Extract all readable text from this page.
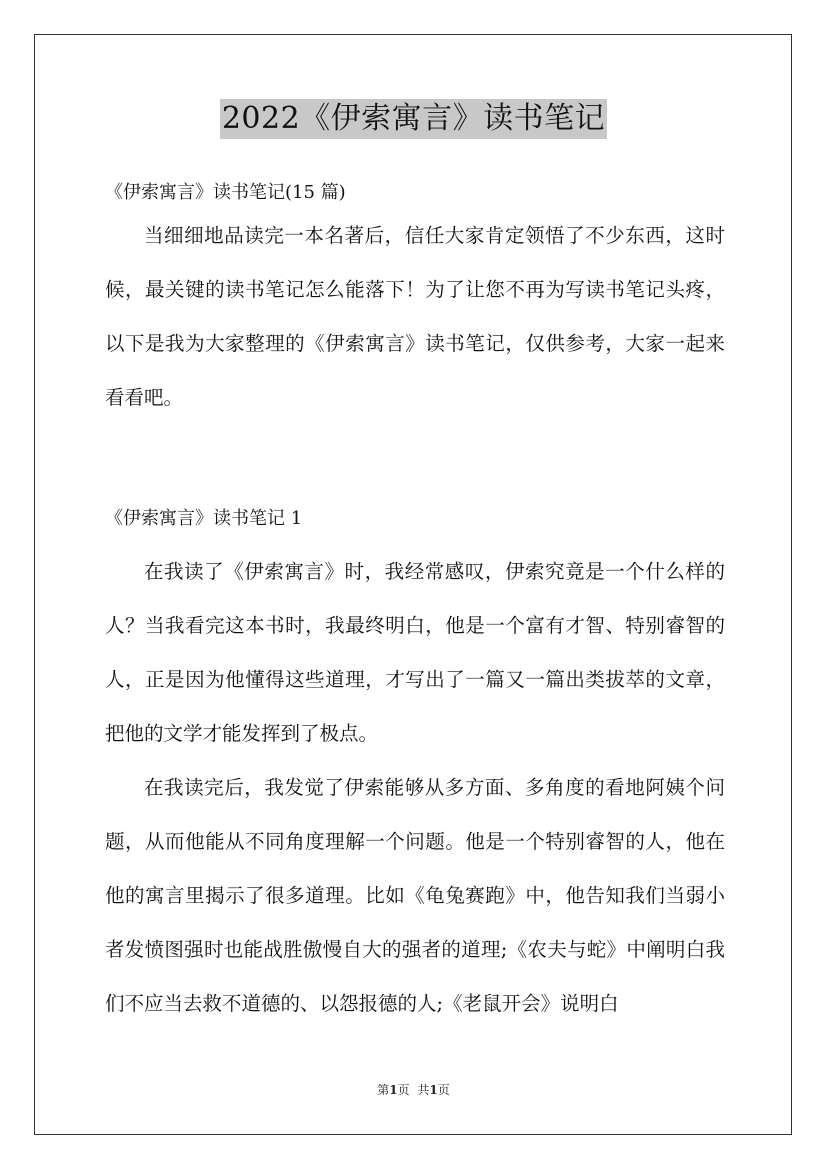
2022《伊索寓言》读书笔记
《伊索寓言》读书笔记(15 篇)

当细细地品读完一本名著后，信任大家肯定领悟了不少东西，这时候，最关键的读书笔记怎么能落下！为了让您不再为写读书笔记头疼，以下是我为大家整理的《伊索寓言》读书笔记，仅供参考，大家一起来看看吧。

《伊索寓言》读书笔记 1

在我读了《伊索寓言》时，我经常感叹，伊索究竟是一个什么样的人？当我看完这本书时，我最终明白，他是一个富有才智、特别睿智的人，正是因为他懂得这些道理，才写出了一篇又一篇出类拔萃的文章，把他的文学才能发挥到了极点。

在我读完后，我发觉了伊索能够从多方面、多角度的看地阿姨个问题，从而他能从不同角度理解一个问题。他是一个特别睿智的人，他在他的寓言里揭示了很多道理。比如《龟兔赛跑》中，他告知我们当弱小者发愤图强时也能战胜傲慢自大的强者的道理;《农夫与蛇》中阐明白我们不应当去救不道德的、以怨报德的人;《老鼠开会》说明白

第1页 共1页
